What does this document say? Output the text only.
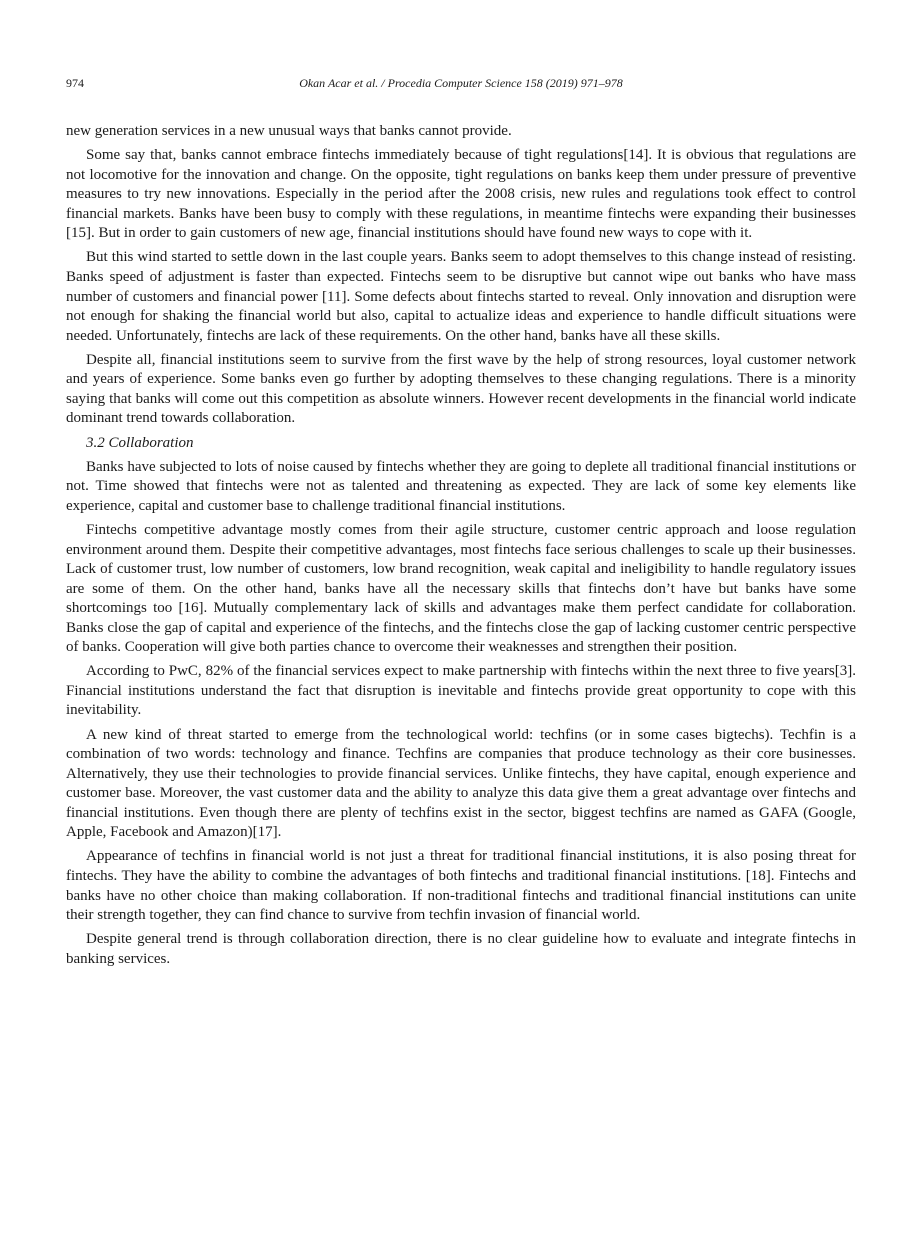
974	Okan Acar et al. / Procedia Computer Science 158 (2019) 971–978

new generation services in a new unusual ways that banks cannot provide.

Some say that, banks cannot embrace fintechs immediately because of tight regulations[14]. It is obvious that regulations are not locomotive for the innovation and change. On the opposite, tight regulations on banks keep them under pressure of preventive measures to try new innovations. Especially in the period after the 2008 crisis, new rules and regulations took effect to control financial markets. Banks have been busy to comply with these regulations, in meantime fintechs were expanding their businesses [15]. But in order to gain customers of new age, financial institutions should have found new ways to cope with it.

But this wind started to settle down in the last couple years. Banks seem to adopt themselves to this change instead of resisting. Banks speed of adjustment is faster than expected. Fintechs seem to be disruptive but cannot wipe out banks who have mass number of customers and financial power [11]. Some defects about fintechs started to reveal. Only innovation and disruption were not enough for shaking the financial world but also, capital to actualize ideas and experience to handle difficult situations were needed. Unfortunately, fintechs are lack of these requirements. On the other hand, banks have all these skills.

Despite all, financial institutions seem to survive from the first wave by the help of strong resources, loyal customer network and years of experience. Some banks even go further by adopting themselves to these changing regulations. There is a minority saying that banks will come out this competition as absolute winners. However recent developments in the financial world indicate dominant trend towards collaboration.

3.2 Collaboration

Banks have subjected to lots of noise caused by fintechs whether they are going to deplete all traditional financial institutions or not. Time showed that fintechs were not as talented and threatening as expected. They are lack of some key elements like experience, capital and customer base to challenge traditional financial institutions.

Fintechs competitive advantage mostly comes from their agile structure, customer centric approach and loose regulation environment around them. Despite their competitive advantages, most fintechs face serious challenges to scale up their businesses. Lack of customer trust, low number of customers, low brand recognition, weak capital and ineligibility to handle regulatory issues are some of them. On the other hand, banks have all the necessary skills that fintechs don’t have but banks have some shortcomings too [16]. Mutually complementary lack of skills and advantages make them perfect candidate for collaboration. Banks close the gap of capital and experience of the fintechs, and the fintechs close the gap of lacking customer centric perspective of banks. Cooperation will give both parties chance to overcome their weaknesses and strengthen their position.

According to PwC, 82% of the financial services expect to make partnership with fintechs within the next three to five years[3]. Financial institutions understand the fact that disruption is inevitable and fintechs provide great opportunity to cope with this inevitability.

A new kind of threat started to emerge from the technological world: techfins (or in some cases bigtechs). Techfin is a combination of two words: technology and finance. Techfins are companies that produce technology as their core businesses. Alternatively, they use their technologies to provide financial services. Unlike fintechs, they have capital, enough experience and customer base. Moreover, the vast customer data and the ability to analyze this data give them a great advantage over fintechs and financial institutions. Even though there are plenty of techfins exist in the sector, biggest techfins are named as GAFA (Google, Apple, Facebook and Amazon)[17].

Appearance of techfins in financial world is not just a threat for traditional financial institutions, it is also posing threat for fintechs. They have the ability to combine the advantages of both fintechs and traditional financial institutions. [18]. Fintechs and banks have no other choice than making collaboration. If non-traditional fintechs and traditional financial institutions can unite their strength together, they can find chance to survive from techfin invasion of financial world.

Despite general trend is through collaboration direction, there is no clear guideline how to evaluate and integrate fintechs in banking services.
